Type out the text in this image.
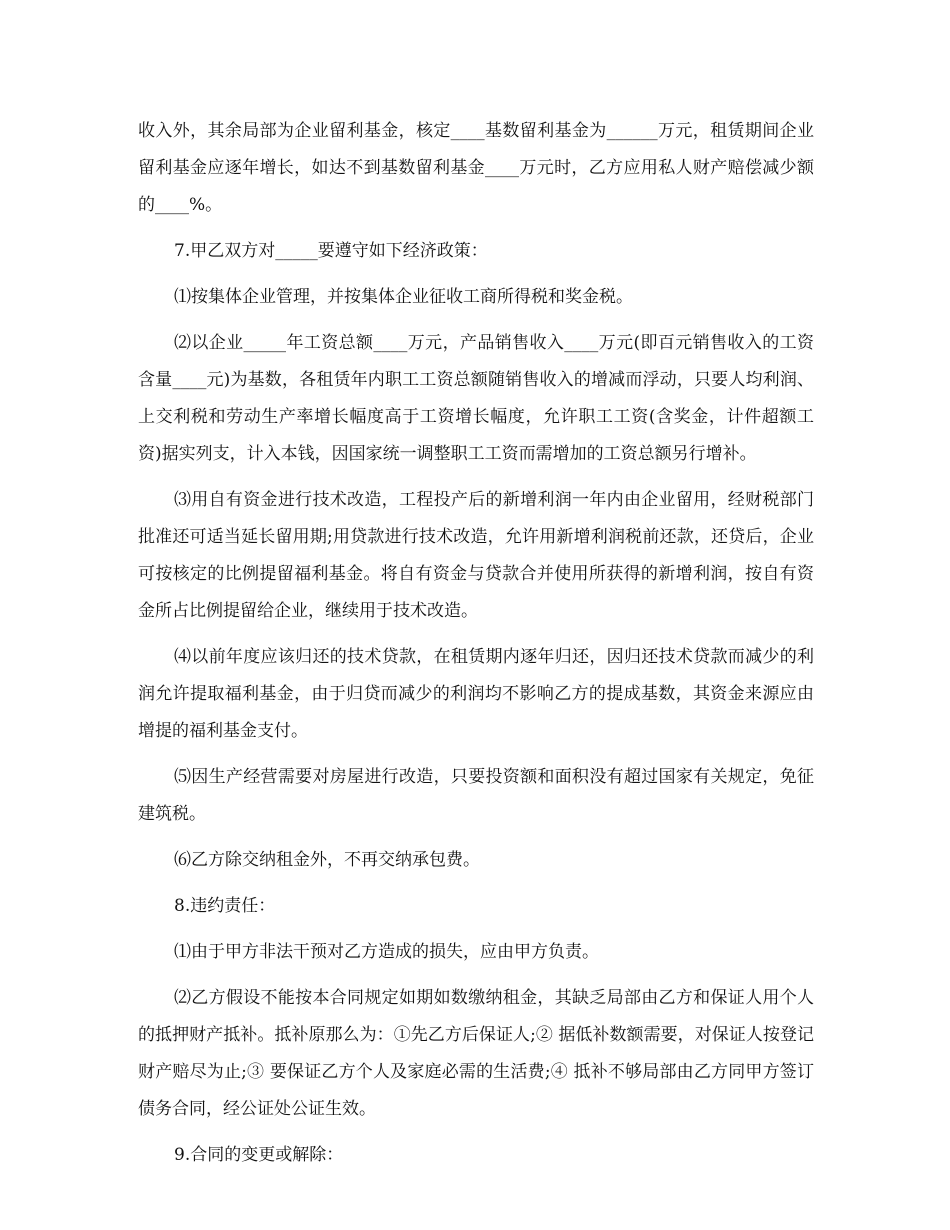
收入外，其余局部为企业留利基金，核定____基数留利基金为______万元，租赁期间企业留利基金应逐年增长，如达不到基数留利基金____万元时，乙方应用私人财产赔偿减少额的____%。

7.甲乙双方对_____要遵守如下经济政策：

⑴按集体企业管理，并按集体企业征收工商所得税和奖金税。

⑵以企业_____年工资总额____万元，产品销售收入____万元(即百元销售收入的工资含量____元)为基数，各租赁年内职工工资总额随销售收入的增减而浮动，只要人均利润、上交利税和劳动生产率增长幅度高于工资增长幅度，允许职工工资(含奖金，计件超额工资)据实列支，计入本钱，因国家统一调整职工工资而需增加的工资总额另行增补。

⑶用自有资金进行技术改造，工程投产后的新增利润一年内由企业留用，经财税部门批准还可适当延长留用期;用贷款进行技术改造，允许用新增利润税前还款，还贷后，企业可按核定的比例提留福利基金。将自有资金与贷款合并使用所获得的新增利润，按自有资金所占比例提留给企业，继续用于技术改造。

⑷以前年度应该归还的技术贷款，在租赁期内逐年归还，因归还技术贷款而减少的利润允许提取福利基金，由于归贷而减少的利润均不影响乙方的提成基数，其资金来源应由增提的福利基金支付。

⑸因生产经营需要对房屋进行改造，只要投资额和面积没有超过国家有关规定，免征建筑税。

⑹乙方除交纳租金外，不再交纳承包费。

8.违约责任：

⑴由于甲方非法干预对乙方造成的损失，应由甲方负责。

⑵乙方假设不能按本合同规定如期如数缴纳租金，其缺乏局部由乙方和保证人用个人的抵押财产抵补。抵补原那么为：①先乙方后保证人;② 据低补数额需要，对保证人按登记财产赔尽为止;③ 要保证乙方个人及家庭必需的生活费;④ 抵补不够局部由乙方同甲方签订债务合同，经公证处公证生效。

9.合同的变更或解除：
